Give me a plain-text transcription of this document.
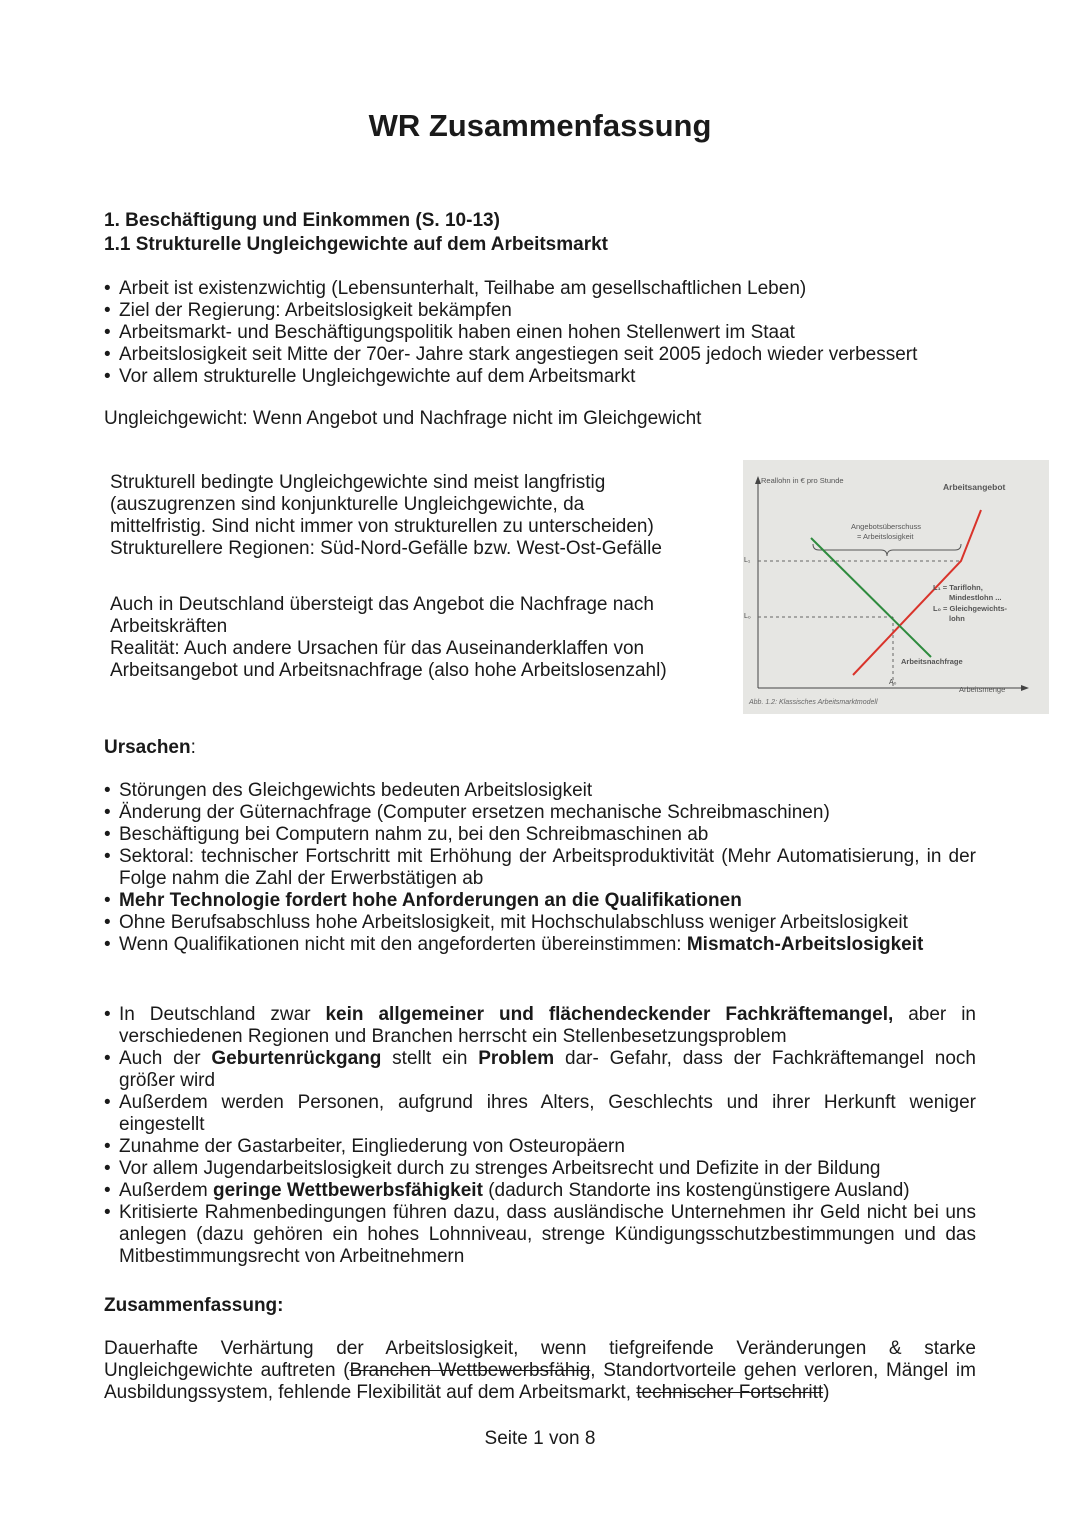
WR Zusammenfassung
1. Beschäftigung und Einkommen (S. 10-13)
1.1 Strukturelle Ungleichgewichte auf dem Arbeitsmarkt
• Arbeit ist existenzwichtig (Lebensunterhalt, Teilhabe am gesellschaftlichen Leben)
• Ziel der Regierung: Arbeitslosigkeit bekämpfen
• Arbeitsmarkt- und Beschäftigungspolitik haben einen hohen Stellenwert im Staat
• Arbeitslosigkeit seit Mitte der 70er- Jahre stark angestiegen seit 2005 jedoch wieder verbessert
• Vor allem strukturelle Ungleichgewichte auf dem Arbeitsmarkt
Ungleichgewicht: Wenn Angebot und Nachfrage nicht im Gleichgewicht
Strukturell bedingte Ungleichgewichte sind meist langfristig
(auszugrenzen sind konjunkturelle Ungleichgewichte, da
mittelfristig. Sind nicht immer von strukturellen zu unterscheiden)
Strukturellere Regionen: Süd-Nord-Gefälle bzw. West-Ost-Gefälle
Auch in Deutschland übersteigt das Angebot die Nachfrage nach
Arbeitskräften
Realität: Auch andere Ursachen für das Auseinanderklaffen von
Arbeitsangebot und Arbeitsnachfrage (also hohe Arbeitslosenzahl)
Reallohn in € pro Stunde
Arbeitsangebot
Angebotsüberschuss
= Arbeitslosigkeit
L₁
L₀
A₀
L₁ = Tariflohn,
Mindestlohn ...
L₀ = Gleichgewichts-
lohn
Arbeitsnachfrage
Arbeitsmenge
Abb. 1.2: Klassisches Arbeitsmarktmodell
Ursachen:
• Störungen des Gleichgewichts bedeuten Arbeitslosigkeit
• Änderung der Güternachfrage (Computer ersetzen mechanische Schreibmaschinen)
• Beschäftigung bei Computern nahm zu, bei den Schreibmaschinen ab
• Sektoral: technischer Fortschritt mit Erhöhung der Arbeitsproduktivität (Mehr Automatisierung, in der Folge nahm die Zahl der Erwerbstätigen ab
• Mehr Technologie fordert hohe Anforderungen an die Qualifikationen
• Ohne Berufsabschluss hohe Arbeitslosigkeit, mit Hochschulabschluss weniger Arbeitslosigkeit
• Wenn Qualifikationen nicht mit den angeforderten übereinstimmen: Mismatch-Arbeitslosigkeit
• In Deutschland zwar kein allgemeiner und flächendeckender Fachkräftemangel, aber in verschiedenen Regionen und Branchen herrscht ein Stellenbesetzungsproblem
• Auch der Geburtenrückgang stellt ein Problem dar- Gefahr, dass der Fachkräftemangel noch größer wird
• Außerdem werden Personen, aufgrund ihres Alters, Geschlechts und ihrer Herkunft weniger eingestellt
• Zunahme der Gastarbeiter, Eingliederung von Osteuropäern
• Vor allem Jugendarbeitslosigkeit durch zu strenges Arbeitsrecht und Defizite in der Bildung
• Außerdem geringe Wettbewerbsfähigkeit (dadurch Standorte ins kostengünstigere Ausland)
• Kritisierte Rahmenbedingungen führen dazu, dass ausländische Unternehmen ihr Geld nicht bei uns anlegen (dazu gehören ein hohes Lohnniveau, strenge Kündigungsschutzbestimmungen und das Mitbestimmungsrecht von Arbeitnehmern
Zusammenfassung:
Dauerhafte Verhärtung der Arbeitslosigkeit, wenn tiefgreifende Veränderungen & starke Ungleichgewichte auftreten (Branchen Wettbewerbsfähig, Standortvorteile gehen verloren, Mängel im Ausbildungssystem, fehlende Flexibilität auf dem Arbeitsmarkt, technischer Fortschritt)
Seite 1 von 8
